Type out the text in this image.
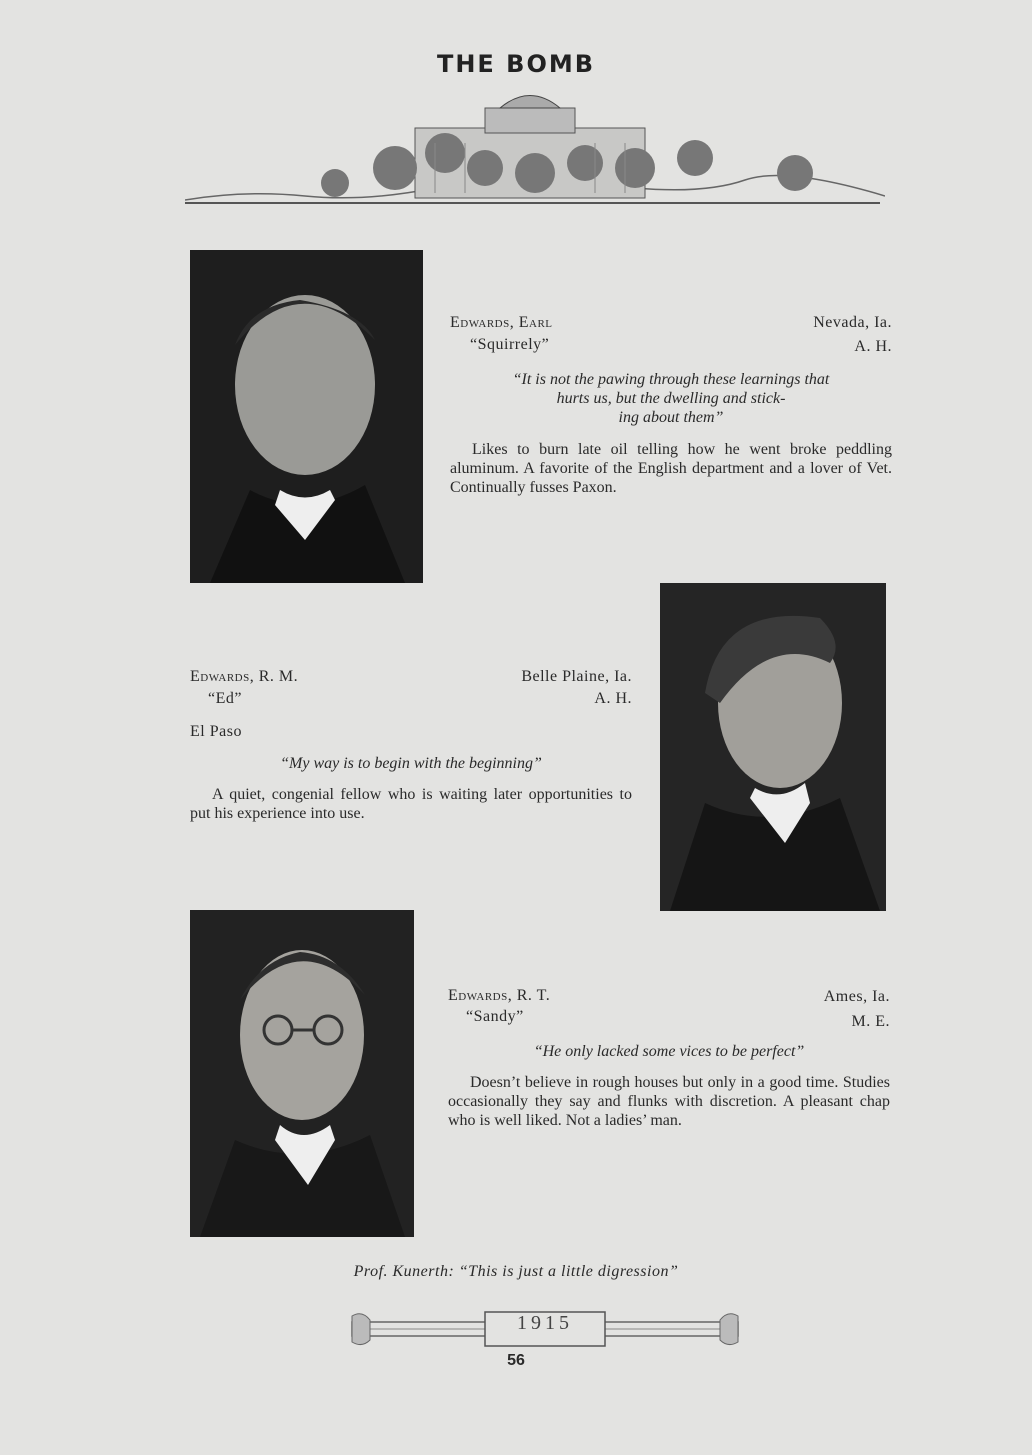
THE BOMB
Edwards, Earl	Nevada, Ia.
“Squirrely”	A. H.
“It is not the pawing through these learnings that
hurts us, but the dwelling and stick-
ing about them”
Likes to burn late oil telling how he went broke peddling aluminum. A favorite of the English department and a lover of Vet. Continually fusses Paxon.
Edwards, R. M.	Belle Plaine, Ia.
“Ed”	A. H.
El Paso
“My way is to begin with the beginning”
A quiet, congenial fellow who is waiting later opportunities to put his experience into use.
Edwards, R. T.	Ames, Ia.
“Sandy”	M. E.
“He only lacked some vices to be perfect”
Doesn’t believe in rough houses but only in a good time. Studies occasionally they say and flunks with discretion. A pleasant chap who is well liked. Not a ladies’ man.
Prof. Kunerth: “This is just a little digression”
1915
56
